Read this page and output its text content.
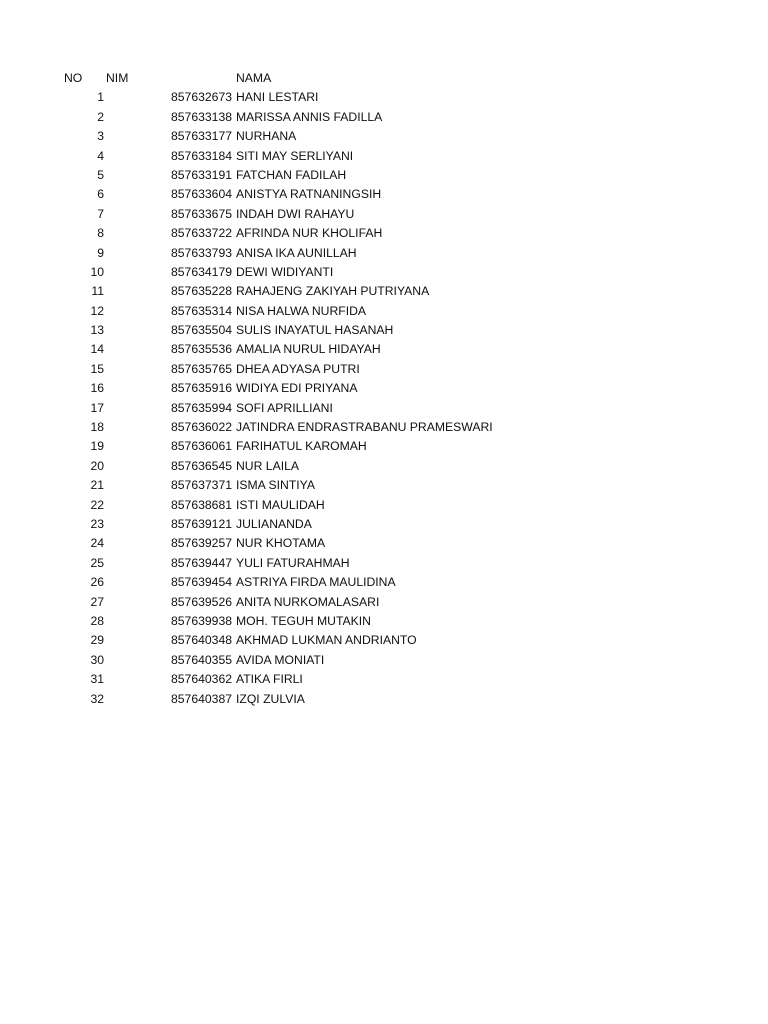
NO NIM	NAMA
1	857632673 HANI LESTARI
2	857633138 MARISSA ANNIS FADILLA
3	857633177 NURHANA
4	857633184 SITI MAY SERLIYANI
5	857633191 FATCHAN FADILAH
6	857633604 ANISTYA RATNANINGSIH
7	857633675 INDAH DWI RAHAYU
8	857633722 AFRINDA NUR KHOLIFAH
9	857633793 ANISA IKA AUNILLAH
10	857634179 DEWI WIDIYANTI
11	857635228 RAHAJENG ZAKIYAH PUTRIYANA
12	857635314 NISA HALWA NURFIDA
13	857635504 SULIS INAYATUL HASANAH
14	857635536 AMALIA NURUL HIDAYAH
15	857635765 DHEA ADYASA PUTRI
16	857635916 WIDIYA EDI PRIYANA
17	857635994 SOFI APRILLIANI
18	857636022 JATINDRA ENDRASTRABANU PRAMESWARI
19	857636061 FARIHATUL KAROMAH
20	857636545 NUR LAILA
21	857637371 ISMA SINTIYA
22	857638681 ISTI MAULIDAH
23	857639121 JULIANANDA
24	857639257 NUR KHOTAMA
25	857639447 YULI FATURAHMAH
26	857639454 ASTRIYA FIRDA MAULIDINA
27	857639526 ANITA NURKOMALASARI
28	857639938 MOH. TEGUH MUTAKIN
29	857640348 AKHMAD LUKMAN ANDRIANTO
30	857640355 AVIDA MONIATI
31	857640362 ATIKA FIRLI
32	857640387 IZQI ZULVIA
